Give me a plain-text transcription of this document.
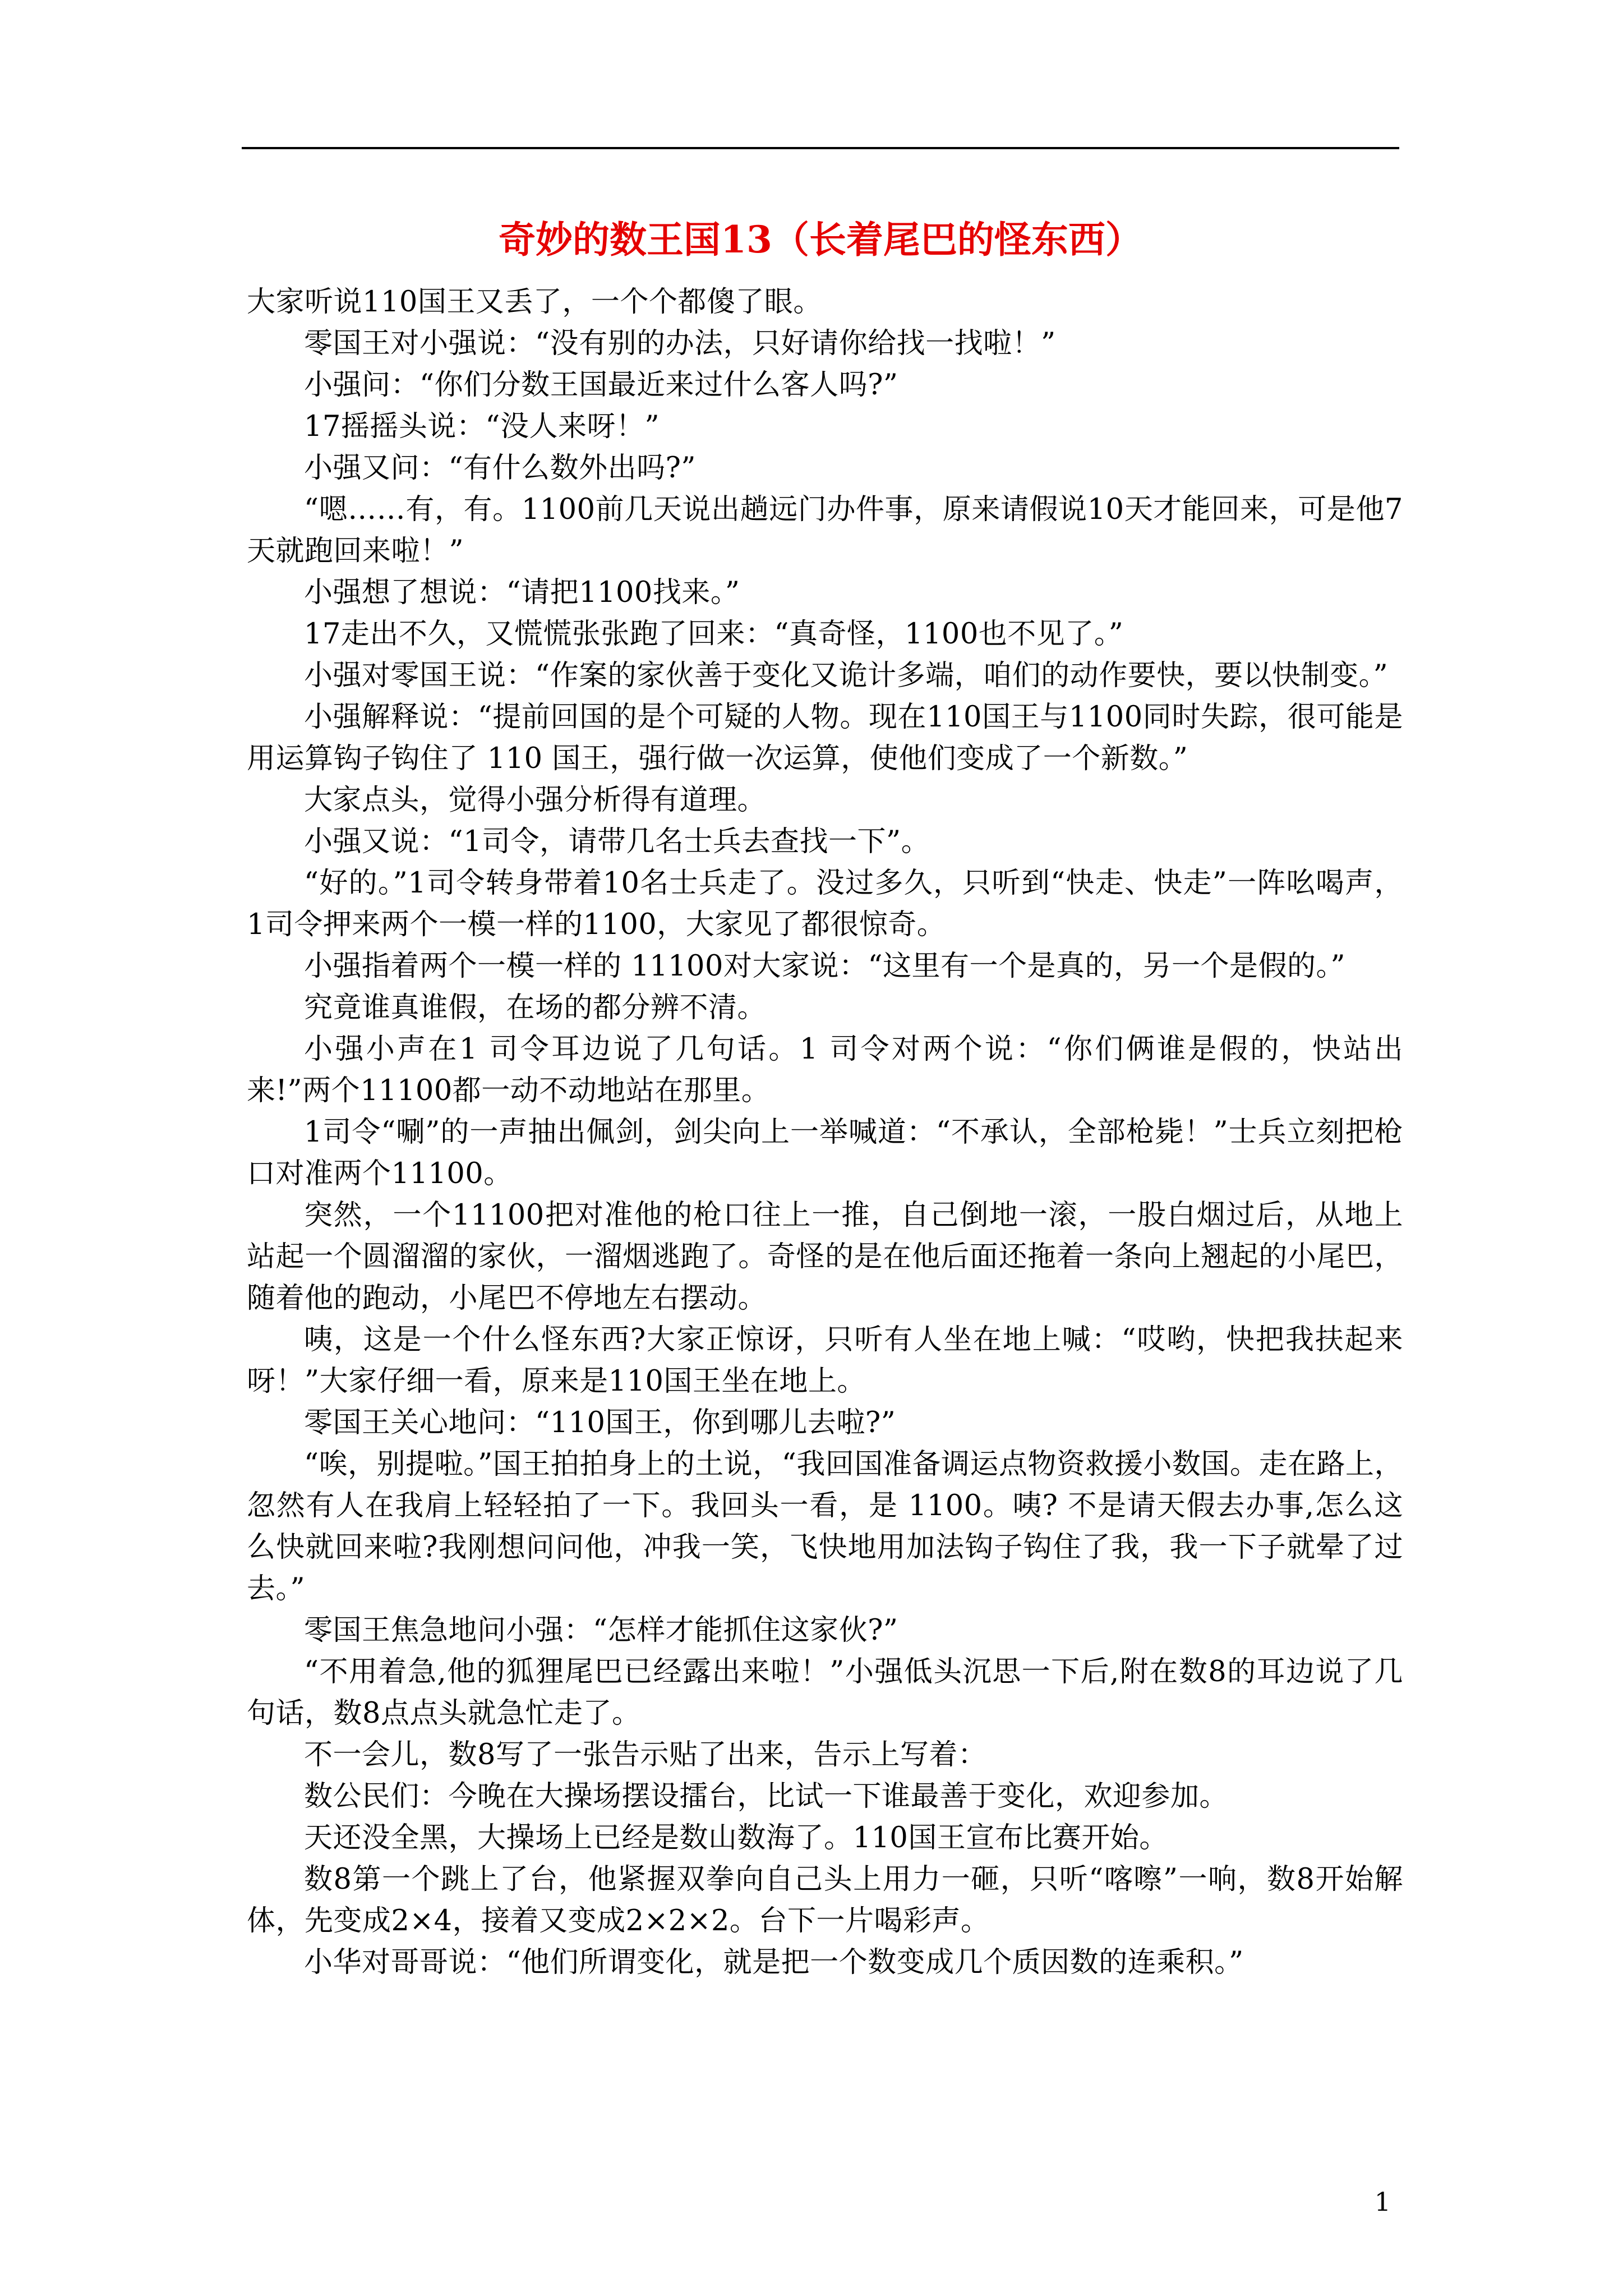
奇妙的数王国13（长着尾巴的怪东西）

大家听说110国王又丢了，一个个都傻了眼。

零国王对小强说：“没有别的办法，只好请你给找一找啦！”

小强问：“你们分数王国最近来过什么客人吗?”

17摇摇头说：“没人来呀！”

小强又问：“有什么数外出吗?”

“嗯……有，有。1100前几天说出趟远门办件事，原来请假说10天才能回来，可是他7天就跑回来啦！”

小强想了想说：“请把1100找来。”

17走出不久，又慌慌张张跑了回来：“真奇怪，1100也不见了。”

小强对零国王说：“作案的家伙善于变化又诡计多端，咱们的动作要快，要以快制变。”

小强解释说：“提前回国的是个可疑的人物。现在110国王与1100同时失踪，很可能是用运算钩子钩住了 110 国王，强行做一次运算，使他们变成了一个新数。”

大家点头，觉得小强分析得有道理。

小强又说：“1司令，请带几名士兵去查找一下”。

“好的。”1司令转身带着10名士兵走了。没过多久，只听到“快走、快走”一阵吆喝声，1司令押来两个一模一样的1100，大家见了都很惊奇。

小强指着两个一模一样的 11100对大家说：“这里有一个是真的，另一个是假的。”

究竟谁真谁假，在场的都分辨不清。

小强小声在1 司令耳边说了几句话。1 司令对两个说：“你们俩谁是假的，快站出来!”两个11100都一动不动地站在那里。

1司令“唰”的一声抽出佩剑，剑尖向上一举喊道：“不承认，全部枪毙！”士兵立刻把枪口对准两个11100。

突然，一个11100把对准他的枪口往上一推，自己倒地一滚，一股白烟过后，从地上站起一个圆溜溜的家伙，一溜烟逃跑了。奇怪的是在他后面还拖着一条向上翘起的小尾巴，随着他的跑动，小尾巴不停地左右摆动。

咦，这是一个什么怪东西?大家正惊讶，只听有人坐在地上喊：“哎哟，快把我扶起来呀！”大家仔细一看，原来是110国王坐在地上。

零国王关心地问：“110国王，你到哪儿去啦?”

“唉，别提啦。”国王拍拍身上的土说，“我回国准备调运点物资救援小数国。走在路上，忽然有人在我肩上轻轻拍了一下。我回头一看，是 1100。咦? 不是请天假去办事,怎么这么快就回来啦?我刚想问问他，冲我一笑，飞快地用加法钩子钩住了我，我一下子就晕了过去。”

零国王焦急地问小强：“怎样才能抓住这家伙?”

“不用着急,他的狐狸尾巴已经露出来啦！”小强低头沉思一下后,附在数8的耳边说了几句话，数8点点头就急忙走了。

不一会儿，数8写了一张告示贴了出来，告示上写着：

数公民们：今晚在大操场摆设擂台，比试一下谁最善于变化，欢迎参加。

天还没全黑，大操场上已经是数山数海了。110国王宣布比赛开始。

数8第一个跳上了台，他紧握双拳向自己头上用力一砸，只听“喀嚓”一响，数8开始解体，先变成2×4，接着又变成2×2×2。台下一片喝彩声。

小华对哥哥说：“他们所谓变化，就是把一个数变成几个质因数的连乘积。”

1
